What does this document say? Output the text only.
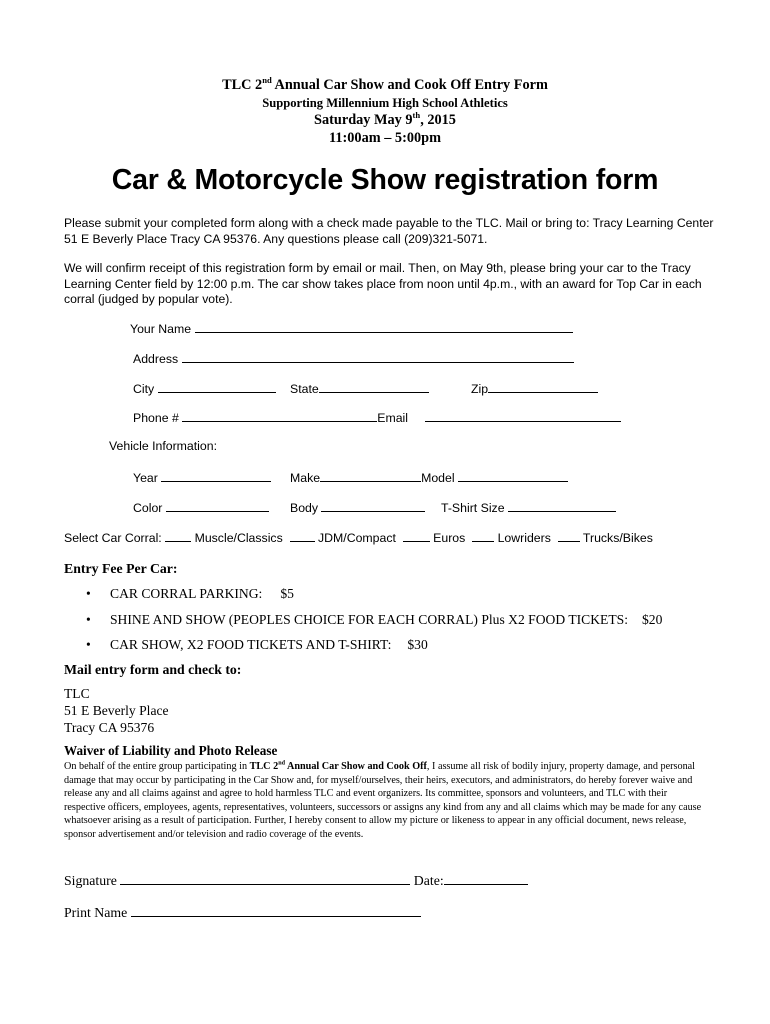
TLC 2nd Annual Car Show and Cook Off Entry Form
Supporting Millennium High School Athletics
Saturday May 9th, 2015
11:00am – 5:00pm
Car & Motorcycle Show registration form
Please submit your completed form along with a check made payable to the TLC. Mail or bring to: Tracy Learning Center 51 E Beverly Place Tracy CA 95376. Any questions please call (209)321-5071.
We will confirm receipt of this registration form by email or mail. Then, on May 9th, please bring your car to the Tracy Learning Center field by 12:00 p.m. The car show takes place from noon until 4p.m., with an award for Top Car in each corral (judged by popular vote).
Your Name
Address
City	State	Zip
Phone #	Email
Vehicle Information:
Year	Make	Model
Color	Body	T-Shirt Size
Select Car Corral:	Muscle/Classics	JDM/Compact	Euros	Lowriders	Trucks/Bikes
Entry Fee Per Car:
• CAR CORRAL PARKING: $5
• SHINE AND SHOW (PEOPLES CHOICE FOR EACH CORRAL) Plus X2 FOOD TICKETS: $20
• CAR SHOW, X2 FOOD TICKETS AND T-SHIRT: $30
Mail entry form and check to:
TLC
51 E Beverly Place
Tracy CA 95376
Waiver of Liability and Photo Release
On behalf of the entire group participating in TLC 2nd Annual Car Show and Cook Off, I assume all risk of bodily injury, property damage, and personal damage that may occur by participating in the Car Show and, for myself/ourselves, their heirs, executors, and administrators, do hereby forever waive and release any and all claims against and agree to hold harmless TLC and event organizers. Its committee, sponsors and volunteers, and TLC with their respective officers, employees, agents, representatives, volunteers, successors or assigns any kind from any and all claims which may be made for any cause whatsoever arising as a result of participation. Further, I hereby consent to allow my picture or likeness to appear in any official document, news release, sponsor advertisement and/or television and radio coverage of the events.
Signature	Date:
Print Name
